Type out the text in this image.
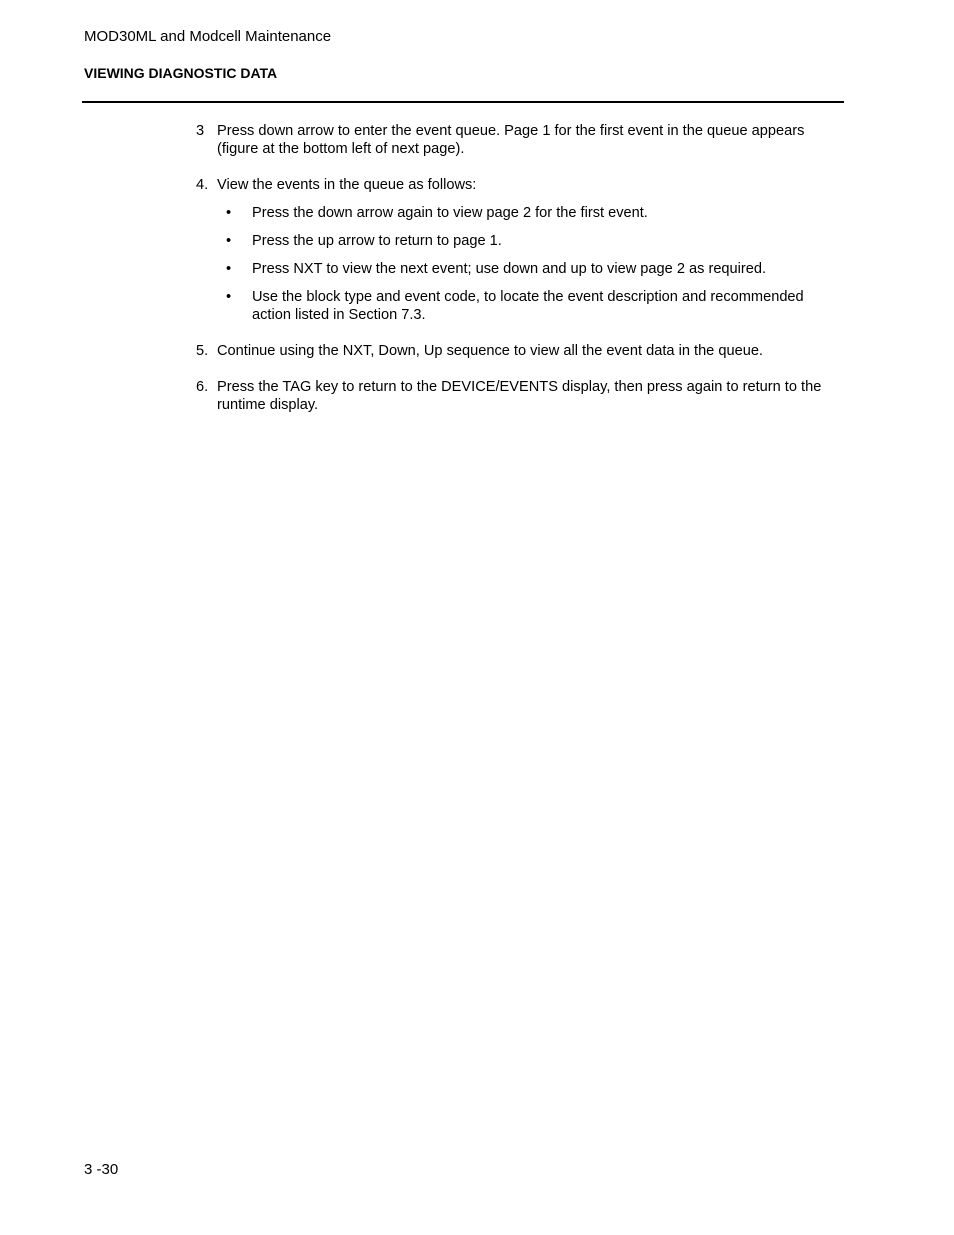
MOD30ML and Modcell Maintenance
VIEWING DIAGNOSTIC DATA
3 Press down arrow to enter the event queue. Page 1 for the first event in the queue appears (figure at the bottom left of next page).
4. View the events in the queue as follows:
•	Press the down arrow again to view page 2 for the first event.
•	Press the up arrow to return to page 1.
•	Press NXT to view the next event; use down and up to view page 2 as required.
•	Use the block type and event code, to locate the event description and recommended action listed in Section 7.3.
5. Continue using the NXT, Down, Up sequence to view all the event data in the queue.
6. Press the TAG key to return to the DEVICE/EVENTS display, then press again to return to the runtime display.
3 -30
